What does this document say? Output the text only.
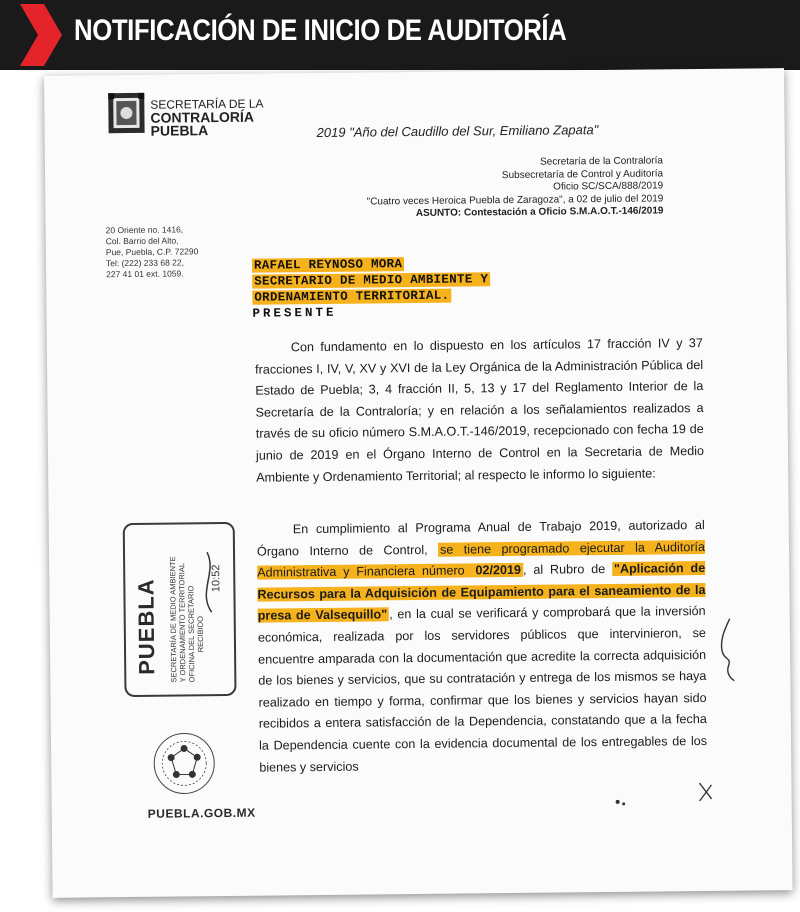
NOTIFICACIÓN DE INICIO DE AUDITORÍA
SECRETARÍA DE LA
CONTRALORÍA
PUEBLA	2019 "Año del Caudillo del Sur, Emiliano Zapata"
Secretaría de la Contraloría
Subsecretaría de Control y Auditoría
Oficio SC/SCA/888/2019
"Cuatro veces Heroica Puebla de Zaragoza", a 02 de julio del 2019
ASUNTO: Contestación a Oficio S.M.A.O.T.-146/2019
20 Oriente no. 1416,
Col. Barrio del Alto,
Pue, Puebla, C.P. 72290
Tel: (222) 233 68 22,
227 41 01 ext. 1059.
RAFAEL REYNOSO MORA
SECRETARIO DE MEDIO AMBIENTE Y
ORDENAMIENTO TERRITORIAL.
PRESENTE
Con fundamento en lo dispuesto en los artículos 17 fracción IV y 37 fracciones I, IV, V, XV y XVI de la Ley Orgánica de la Administración Pública del Estado de Puebla; 3, 4 fracción II, 5, 13 y 17 del Reglamento Interior de la Secretaría de la Contraloría; y en relación a los señalamientos realizados a través de su oficio número S.M.A.O.T.-146/2019, recepcionado con fecha 19 de junio de 2019 en el Órgano Interno de Control en la Secretaria de Medio Ambiente y Ordenamiento Territorial; al respecto le informo lo siguiente:
En cumplimiento al Programa Anual de Trabajo 2019, autorizado al Órgano Interno de Control, se tiene programado ejecutar la Auditoría Administrativa y Financiera número 02/2019 , al Rubro de "Aplicación de Recursos para la Adquisición de Equipamiento para el saneamiento de la presa de Valsequillo" , en la cual se verificará y comprobará que la inversión económica, realizada por los servidores públicos que intervinieron, se encuentre amparada con la documentación que acredite la correcta adquisición de los bienes y servicios, que su contratación y entrega de los mismos se haya realizado en tiempo y forma, confirmar que los bienes y servicios hayan sido recibidos a entera satisfacción de la Dependencia, constatando que a la fecha la Dependencia cuente con la evidencia documental de los entregables de los bienes y servicios
PUEBLA SECRETARÍA DE MEDIO AMBIENTE
Y ORDENAMIENTO TERRITORIAL
OFICINA DEL SECRETARIO RECIBIDO
10:52
PUEBLA.GOB.MX
